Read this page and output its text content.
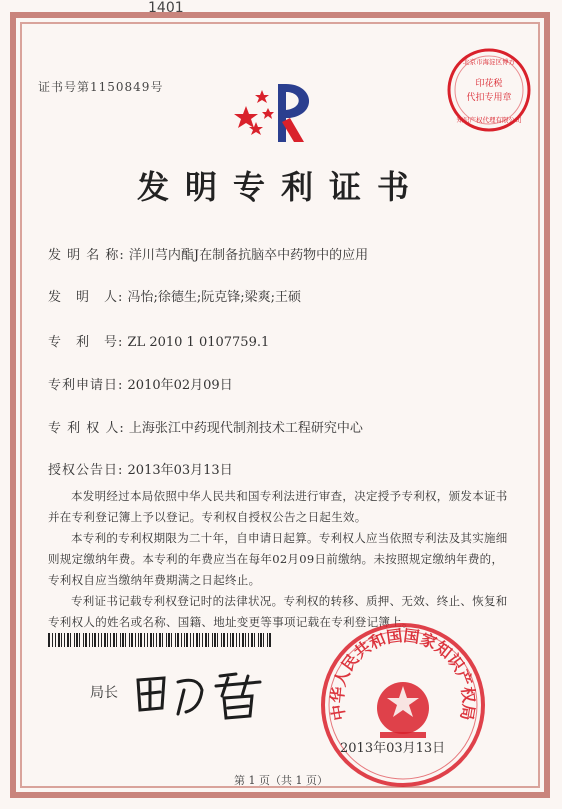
1401
证书号第1150849号	印花税
代扣专用章
北京市海淀区博方
知识产权代理有限公司
发明专利证书
发 明 名 称: 洋川芎内酯J在制备抗脑卒中药物中的应用
发　明　人: 冯怡;徐德生;阮克锋;梁爽;王硕
专　利　号: ZL 2010 1 0107759.1
专利申请日: 2010年02月09日
专 利 权 人: 上海张江中药现代制剂技术工程研究中心
授权公告日: 2013年03月13日

本发明经过本局依照中华人民共和国专利法进行审查，决定授予专利权，颁发本证书并在专利登记簿上予以登记。专利权自授权公告之日起生效。

本专利的专利权期限为二十年，自申请日起算。专利权人应当依照专利法及其实施细则规定缴纳年费。本专利的年费应当在每年02月09日前缴纳。未按照规定缴纳年费的，专利权自应当缴纳年费期满之日起终止。

专利证书记载专利权登记时的法律状况。专利权的转移、质押、无效、终止、恢复和专利权人的姓名或名称、国籍、地址变更等事项记载在专利登记簿上。

局长
中华人民共和国国家知识产权局
2013年03月13日
第 1 页（共 1 页）
